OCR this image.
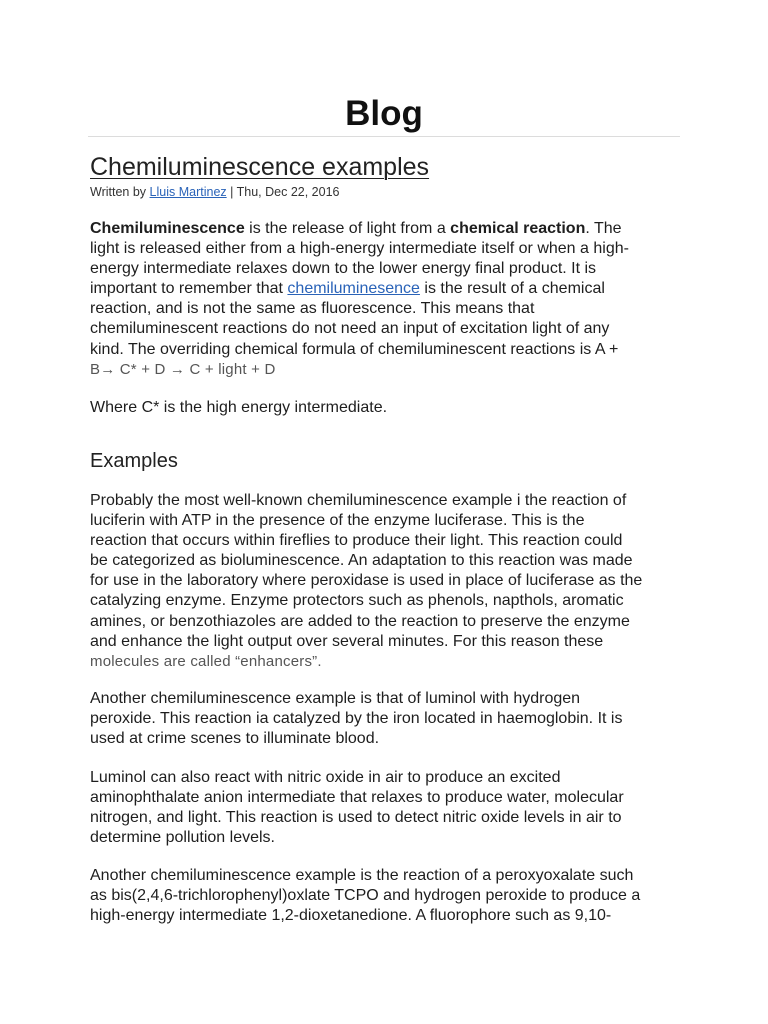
Blog
Chemiluminescence examples
Written by Lluis Martinez | Thu, Dec 22, 2016

Chemiluminescence is the release of light from a chemical reaction. The
light is released either from a high-energy intermediate itself or when a high-
energy intermediate relaxes down to the lower energy final product. It is
important to remember that chemiluminesence is the result of a chemical
reaction, and is not the same as fluorescence. This means that
chemiluminescent reactions do not need an input of excitation light of any
kind. The overriding chemical formula of chemiluminescent reactions is A +
B→ C* + D → C + light + D

Where C* is the high energy intermediate.

Examples

Probably the most well-known chemiluminescence example i the reaction of
luciferin with ATP in the presence of the enzyme luciferase. This is the
reaction that occurs within fireflies to produce their light. This reaction could
be categorized as bioluminescence. An adaptation to this reaction was made
for use in the laboratory where peroxidase is used in place of luciferase as the
catalyzing enzyme. Enzyme protectors such as phenols, napthols, aromatic
amines, or benzothiazoles are added to the reaction to preserve the enzyme
and enhance the light output over several minutes. For this reason these
molecules are called “enhancers”.

Another chemiluminescence example is that of luminol with hydrogen
peroxide. This reaction ia catalyzed by the iron located in haemoglobin. It is
used at crime scenes to illuminate blood.

Luminol can also react with nitric oxide in air to produce an excited
aminophthalate anion intermediate that relaxes to produce water, molecular
nitrogen, and light. This reaction is used to detect nitric oxide levels in air to
determine pollution levels.

Another chemiluminescence example is the reaction of a peroxyoxalate such
as bis(2,4,6-trichlorophenyl)oxlate TCPO and hydrogen peroxide to produce a
high-energy intermediate 1,2-dioxetanedione. A fluorophore such as 9,10-
